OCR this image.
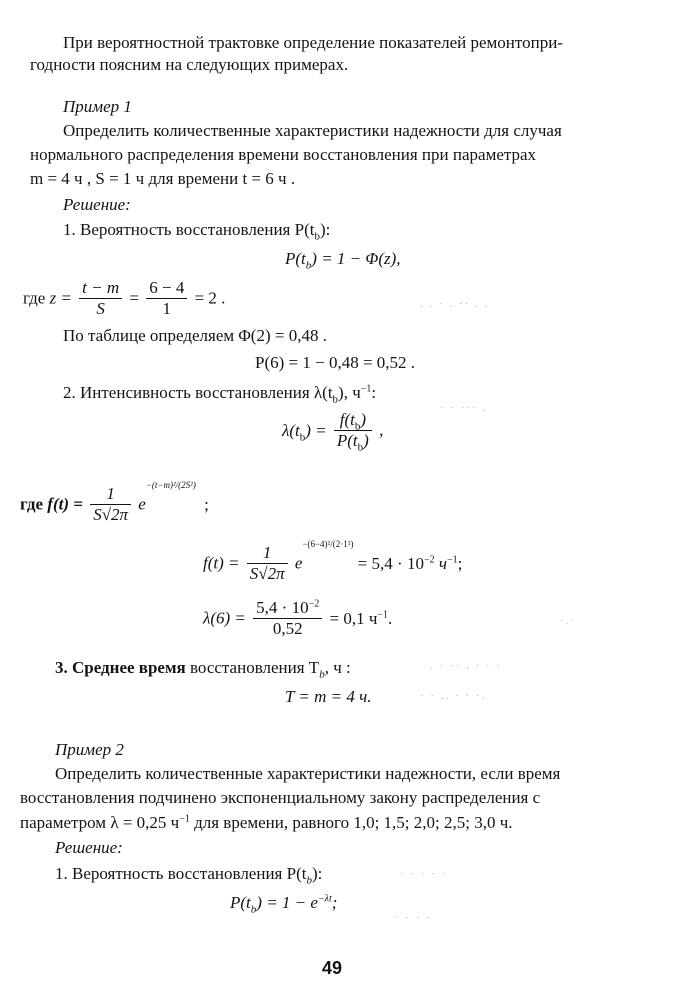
При вероятностной трактовке определение показателей ремонтопри-
годности поясним на следующих примерах.
Пример 1
Определить количественные характеристики надежности для случая
нормального распределения времени восстановления при параметрах
m = 4 ч , S = 1 ч для времени t = 6 ч .
Решение:
1. Вероятность восстановления $P(t_b)$:
$P(t_b) = 1 - \Phi(z)$,
где $z = \frac{t - m}{S} = \frac{6 - 4}{1} = 2$ .
По таблице определяем Φ(2) = 0,48 .
P(6) = 1 − 0,48 = 0,52 .
2. Интенсивность восстановления $\lambda(t_b)$, $ч^{-1}$:
$\lambda(t_b) = \frac{f(t_b)}{P(t_b)}$ ,
где $f(t) = \frac{1}{S√2\pi} e^{-(t-m)^2/(2S^2)}$ ;
$f(t) = \frac{1}{S√2\pi} e^{-(6-4)^2/(2\cdot 1^2)} = 5,4 \cdot 10^{-2}$ $ч^{-1}$;
$\lambda(6) = \frac{5,4 \cdot 10^{-2}}{0,52} = 0,1$ $ч^{-1}$.
3. Среднее время восстановления $T_b$, ч :
T = m = 4 ч.
Пример 2
Определить количественные характеристики надежности, если время
восстановления подчинено экспоненциальному закону распределения с
параметром λ = 0,25 $ч^{-1}$ для времени, равного 1,0; 1,5; 2,0; 2,5; 3,0 ч.
Решение:
1. Вероятность восстановления $P(t_b)$:
$P(t_b) = 1 - e^{-\lambda t}$;
. . · . ·· . .
· · ··· .
·.·
. · ·· . · · ·
· · .. · · ·.
· · · · ·
· · · ·
49
